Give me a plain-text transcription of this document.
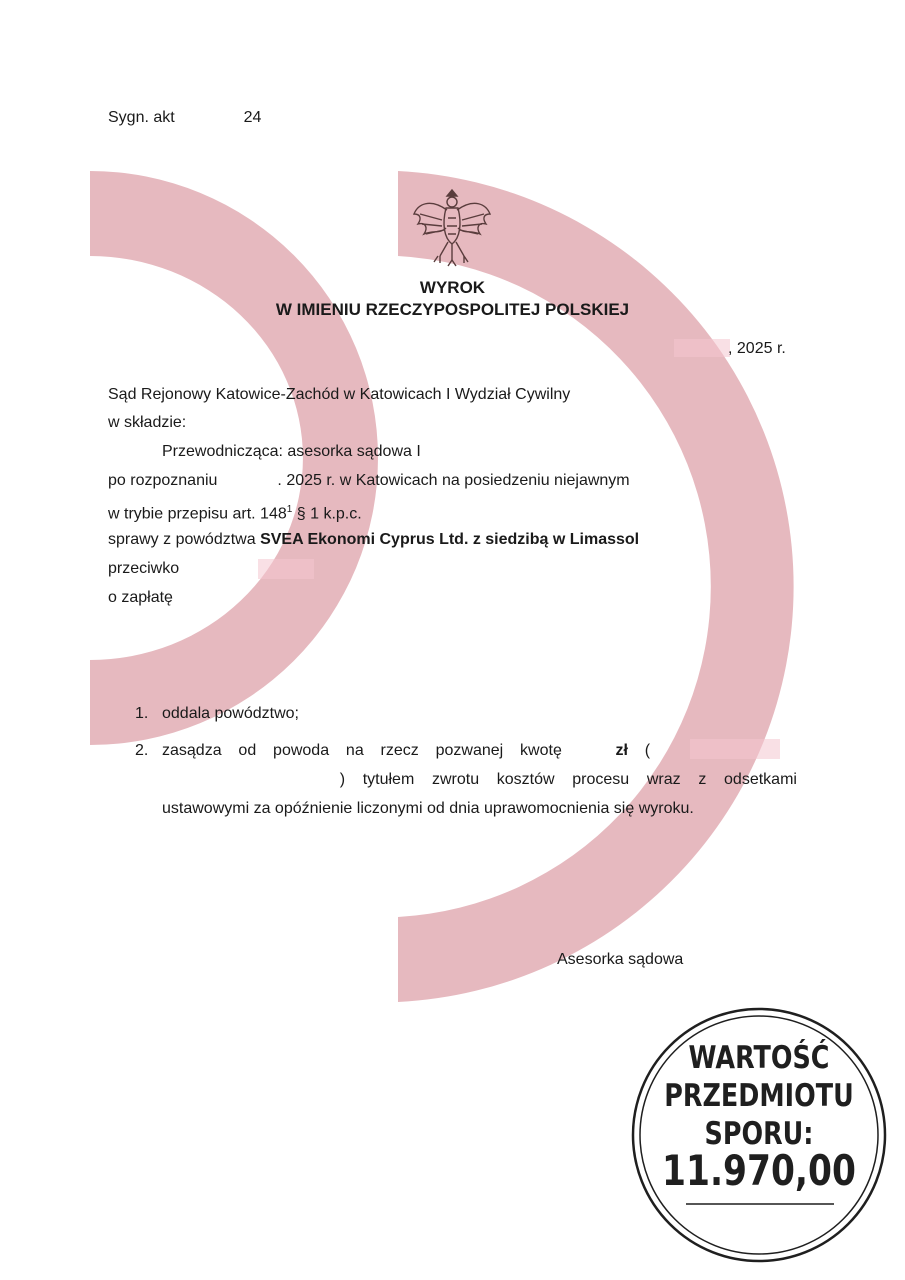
Sygn. akt	24
WYROK
W IMIENIU RZECZYPOSPOLITEJ POLSKIEJ
, 2025 r.
Sąd Rejonowy Katowice-Zachód w Katowicach I Wydział Cywilny
w składzie:
Przewodnicząca: asesorka sądowa I
po rozpoznaniu	. 2025 r. w Katowicach na posiedzeniu niejawnym
w trybie przepisu art. $148^1$ § 1 k.p.c.
sprawy z powództwa SVEA Ekonomi Cyprus Ltd. z siedzibą w Limassol
przeciwko
o zapłatę
1. oddala powództwo;
2. zasądza od powoda na rzecz pozwanej kwotę	zł (
) tytułem zwrotu kosztów procesu wraz z odsetkami
ustawowymi za opóźnienie liczonymi od dnia uprawomocnienia się wyroku.
Asesorka sądowa
WARTOŚĆ
PRZEDMIOTU
SPORU:
11.970,00
